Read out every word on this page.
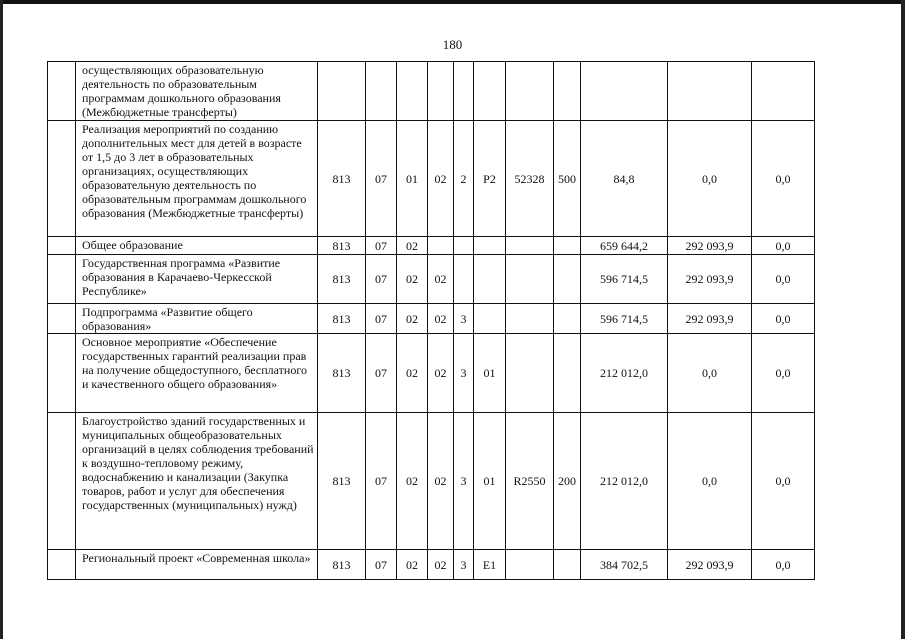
180
	осуществляющих образовательную деятельность по образовательным программам дошкольного образования (Межбюджетные трансферты)											
	Реализация мероприятий по созданию дополнительных мест для детей в возрасте от 1,5 до 3 лет в образовательных организациях, осуществляющих образовательную деятельность по образовательным программам дошкольного образования (Межбюджетные трансферты)	813	07	01	02	2	P2	52328	500	84,8	0,0	0,0
	Общее образование	813	07	02						659 644,2	292 093,9	0,0
	Государственная программа «Развитие образования в Карачаево-Черкесской Республике»	813	07	02	02					596 714,5	292 093,9	0,0
	Подпрограмма «Развитие общего образования»	813	07	02	02	3				596 714,5	292 093,9	0,0
	Основное мероприятие «Обеспечение государственных гарантий реализации прав на получение общедоступного, бесплатного и качественного общего образования»	813	07	02	02	3	01			212 012,0	0,0	0,0
	Благоустройство зданий государственных и муниципальных общеобразовательных организаций в целях соблюдения требований к воздушно-тепловому режиму, водоснабжению и канализации (Закупка товаров, работ и услуг для обеспечения государственных (муниципальных) нужд)	813	07	02	02	3	01	R2550	200	212 012,0	0,0	0,0
	Региональный проект «Современная школа»	813	07	02	02	3	E1			384 702,5	292 093,9	0,0
